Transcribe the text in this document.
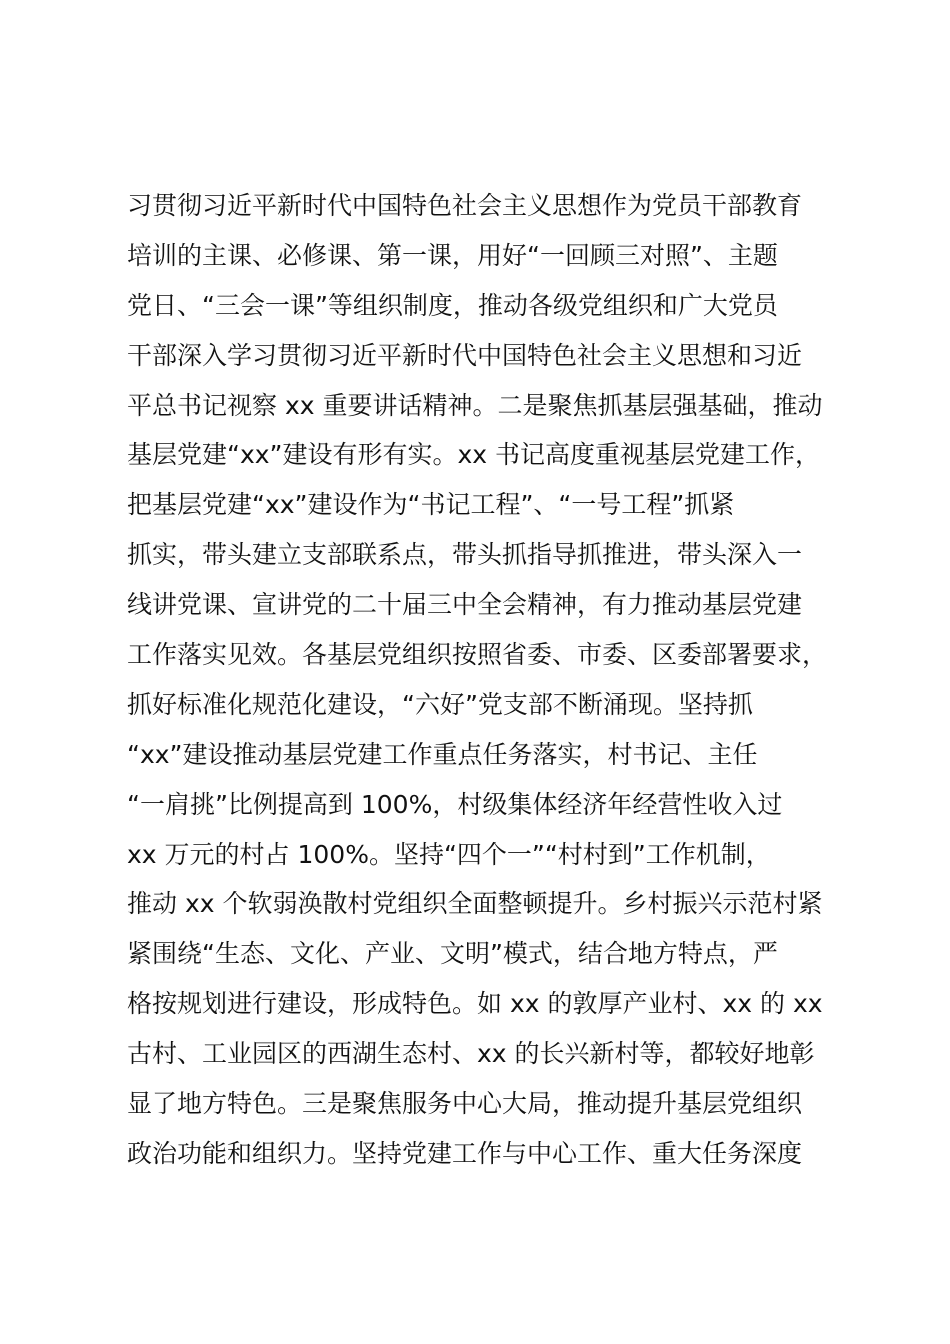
习贯彻习近平新时代中国特色社会主义思想作为党员干部教育
培训的主课、必修课、第一课，用好“一回顾三对照”、主题
党日、“三会一课”等组织制度，推动各级党组织和广大党员
干部深入学习贯彻习近平新时代中国特色社会主义思想和习近
平总书记视察 xx 重要讲话精神。二是聚焦抓基层强基础，推动
基层党建“xx”建设有形有实。xx 书记高度重视基层党建工作，
把基层党建“xx”建设作为“书记工程”、“一号工程”抓紧
抓实，带头建立支部联系点，带头抓指导抓推进，带头深入一
线讲党课、宣讲党的二十届三中全会精神，有力推动基层党建
工作落实见效。各基层党组织按照省委、市委、区委部署要求，
抓好标准化规范化建设，“六好”党支部不断涌现。坚持抓
“xx”建设推动基层党建工作重点任务落实，村书记、主任
“一肩挑”比例提高到 100%，村级集体经济年经营性收入过
xx 万元的村占 100%。坚持“四个一”“村村到”工作机制，
推动 xx 个软弱涣散村党组织全面整顿提升。乡村振兴示范村紧
紧围绕“生态、文化、产业、文明”模式，结合地方特点，严
格按规划进行建设，形成特色。如 xx 的敦厚产业村、xx 的 xx
古村、工业园区的西湖生态村、xx 的长兴新村等，都较好地彰
显了地方特色。三是聚焦服务中心大局，推动提升基层党组织
政治功能和组织力。坚持党建工作与中心工作、重大任务深度
